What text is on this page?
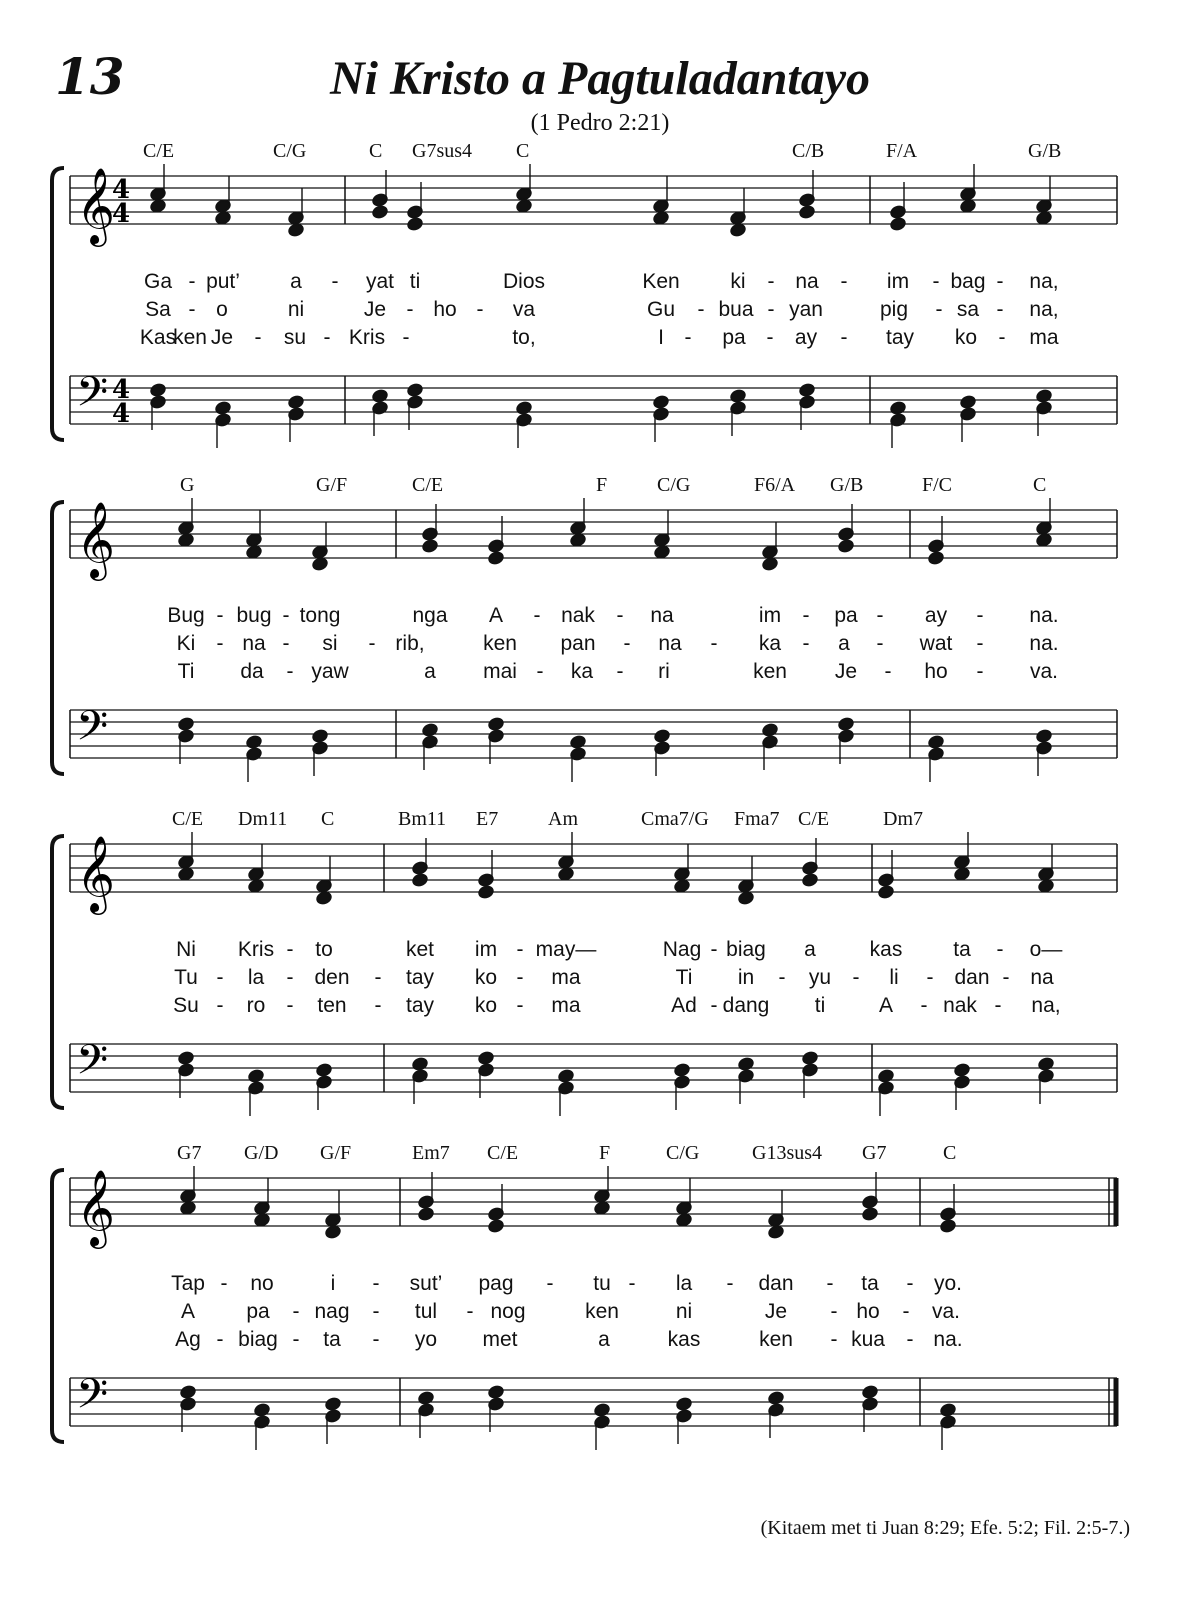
13	Ni Kristo a Pagtuladantayo
(1 Pedro 2:21)
𝄞
𝄢
4
4
4
4
C/E	C/G	C G7sus4 C	C/B	F/A	G/B
Ga - put’ a - yat ti	Dios	Ken ki - na - im - bag - na,
Sa - o	ni	Je - ho - va	Gu - bua - yan	pig - sa - na,
Kas
ken Je - su - Kris -	to,	I - pa - ay - tay ko - ma
𝄞
𝄢
G	G/F	C/E	F C/G	F6/A G/B	F/C	C
Bug - bug - tong	nga A - nak - na	im - pa - ay - na.
Ki - na - si - rib,	ken pan - na - ka - a - wat - na.
Ti da - yaw	a mai - ka - ri	ken Je - ho - va.
𝄞
𝄢
C/E Dm11 C	Bm11 E7 Am	Cma7/G Fma7 C/E	Dm7
Ni Kris - to	ket im - may—	Nag - biag a	kas ta - o—
Tu - la - den - tay ko - ma	Ti in - yu - li - dan - na
Su - ro - ten - tay ko - ma	Ad - dang ti	A - nak - na,
𝄞
𝄢
G7 G/D G/F	Em7 C/E	F	C/G	G13sus4 G7	C
Tap - no	i - sut’ pag - tu - la - dan - ta - yo.
A pa - nag - tul - nog	ken	ni	Je - ho - va.
Ag - biag - ta - yo met	a	kas	ken - kua - na.
(Kitaem met ti Juan 8:29; Efe. 5:2; Fil. 2:5-7.)
